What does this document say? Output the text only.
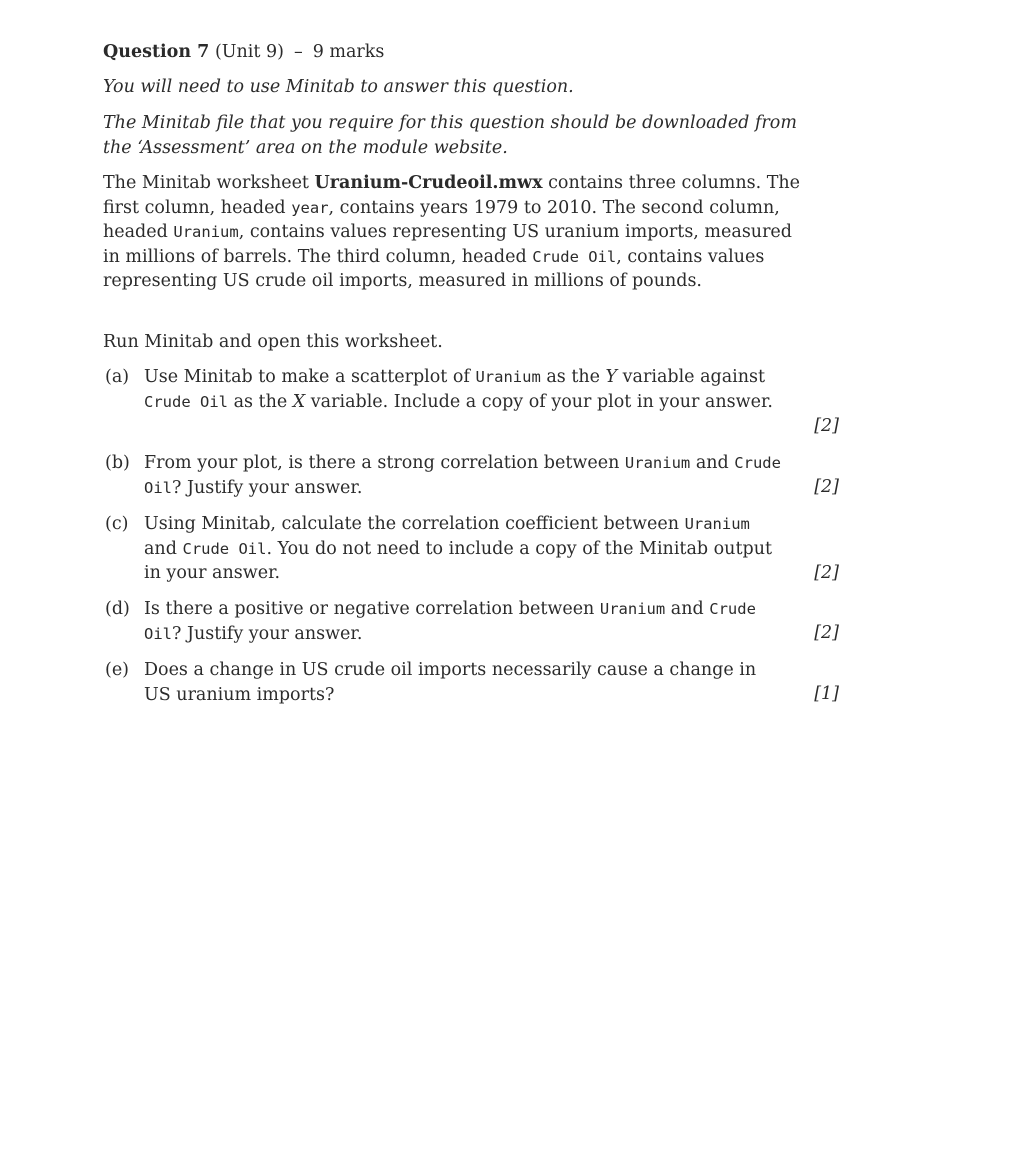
Question 7 (Unit 9) – 9 marks
You will need to use Minitab to answer this question.
The Minitab file that you require for this question should be downloaded from the ‘Assessment’ area on the module website.
The Minitab worksheet Uranium-Crudeoil.mwx contains three columns. The first column, headed year, contains years 1979 to 2010. The second column, headed Uranium, contains values representing US uranium imports, measured in millions of barrels. The third column, headed Crude Oil, contains values representing US crude oil imports, measured in millions of pounds.
Run Minitab and open this worksheet.
(a) Use Minitab to make a scatterplot of Uranium as the Y variable against Crude Oil as the X variable. Include a copy of your plot in your answer.
[2]
(b) From your plot, is there a strong correlation between Uranium and Crude Oil? Justify your answer.	[2]
(c) Using Minitab, calculate the correlation coefficient between Uranium and Crude Oil. You do not need to include a copy of the Minitab output in your answer.	[2]
(d) Is there a positive or negative correlation between Uranium and Crude Oil? Justify your answer.	[2]
(e) Does a change in US crude oil imports necessarily cause a change in US uranium imports?	[1]
